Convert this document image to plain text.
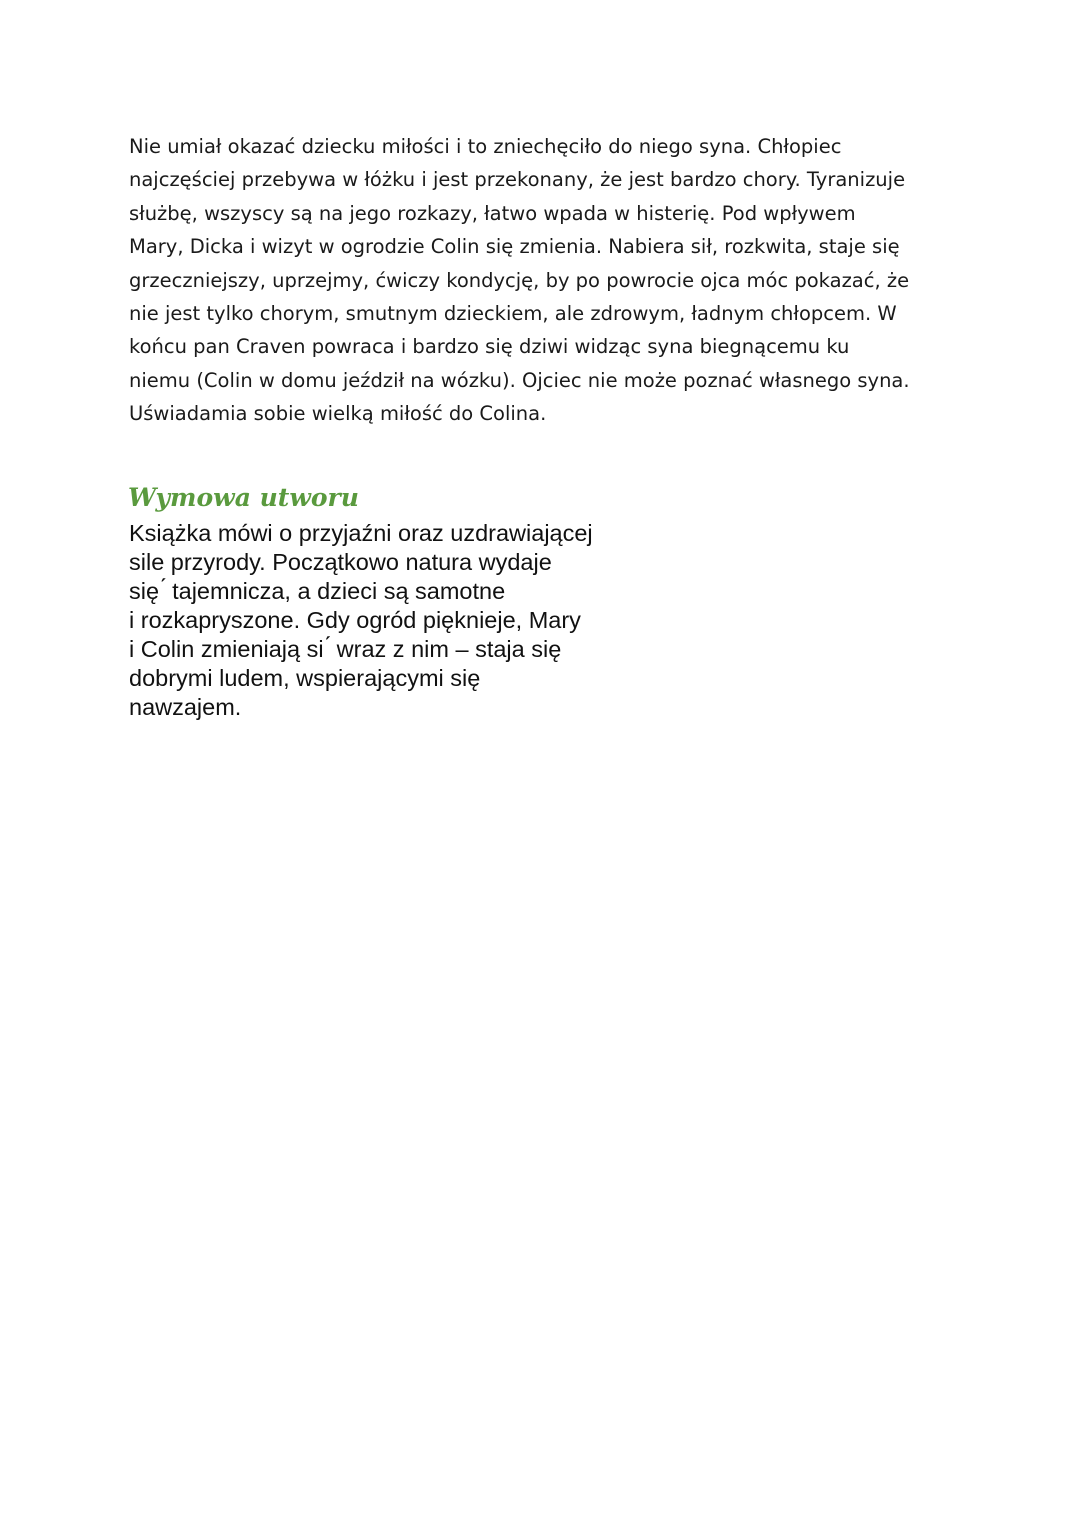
Nie umiał okazać dziecku miłości i to zniechęciło do niego syna. Chłopiec
najczęściej przebywa w łóżku i jest przekonany, że jest bardzo chory. Tyranizuje
służbę, wszyscy są na jego rozkazy, łatwo wpada w histerię. Pod wpływem
Mary, Dicka i wizyt w ogrodzie Colin się zmienia. Nabiera sił, rozkwita, staje się
grzeczniejszy, uprzejmy, ćwiczy kondycję, by po powrocie ojca móc pokazać, że
nie jest tylko chorym, smutnym dzieckiem, ale zdrowym, ładnym chłopcem. W
końcu pan Craven powraca i bardzo się dziwi widząc syna biegnącemu ku
niemu (Colin w domu jeździł na wózku). Ojciec nie może poznać własnego syna.
Uświadamia sobie wielką miłość do Colina.
Wymowa utworu
Książka mówi o przyjaźni oraz uzdrawiającej
sile przyrody. Początkowo natura wydaje
się ́ tajemnicza, a dzieci są samotne
i rozkapryszone. Gdy ogród pięknieje, Mary
i Colin zmieniają si ́ wraz z nim – staja się
dobrymi ludem, wspierającymi się
nawzajem.
